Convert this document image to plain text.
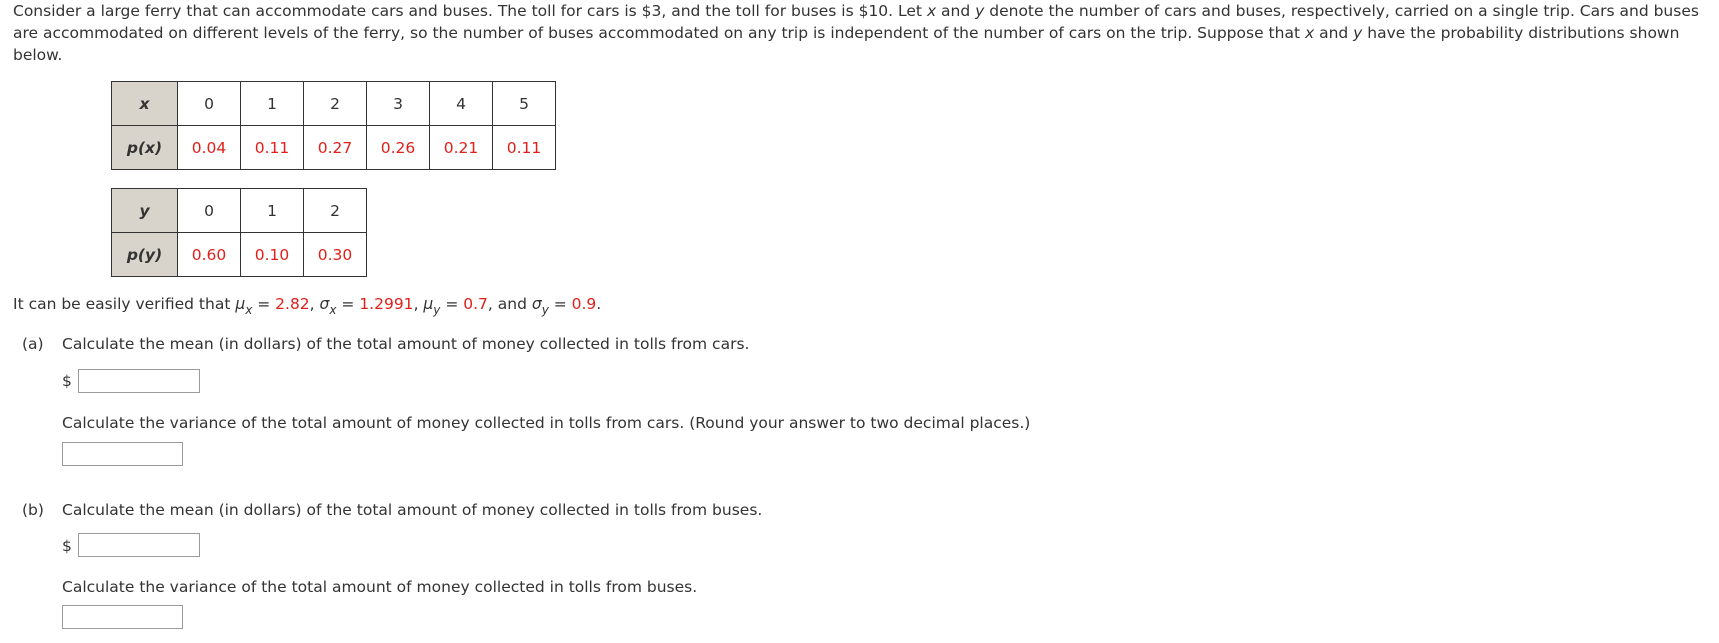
Consider a large ferry that can accommodate cars and buses. The toll for cars is $3, and the toll for buses is $10. Let x and y denote the number of cars and buses, respectively, carried on a single trip. Cars and buses are accommodated on different levels of the ferry, so the number of buses accommodated on any trip is independent of the number of cars on the trip. Suppose that x and y have the probability distributions shown below.

x	0	1	2	3	4	5
p(x)	0.04	0.11	0.27	0.26	0.21	0.11
y	0	1	2
p(y)	0.60	0.10	0.30
It can be easily verified that $\mu_x = 2.82$, $\sigma_x = 1.2991$, $\mu_y = 0.7$, and $\sigma_y = 0.9$.
(a) Calculate the mean (in dollars) of the total amount of money collected in tolls from cars.
$
Calculate the variance of the total amount of money collected in tolls from cars. (Round your answer to two decimal places.)
(b) Calculate the mean (in dollars) of the total amount of money collected in tolls from buses.
$
Calculate the variance of the total amount of money collected in tolls from buses.
